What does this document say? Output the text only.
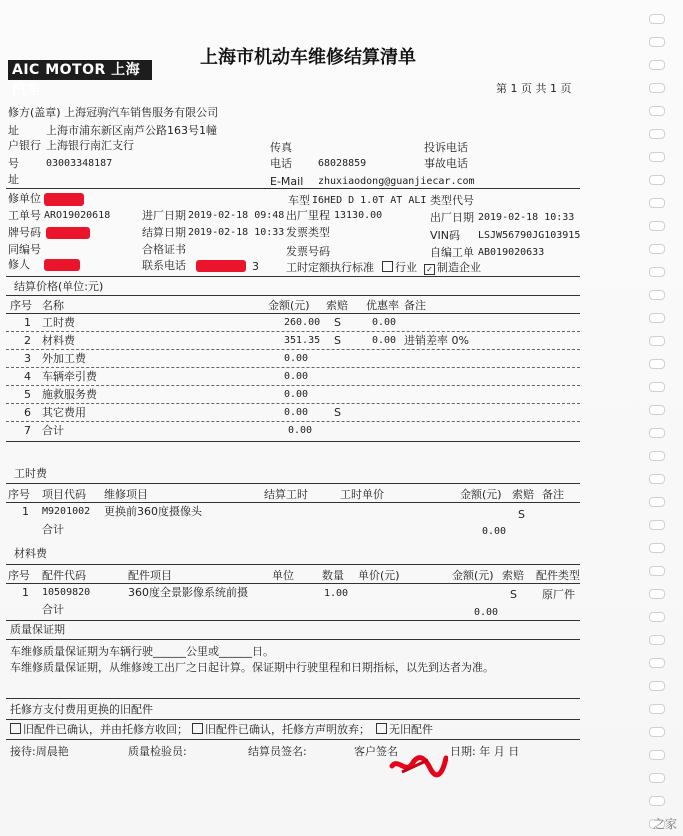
AIC MOTOR 上海汽车
上海市机动车维修结算清单
第 1 页 共 1 页
修方(盖章) 上海冠驹汽车销售服务有限公司
址 上海市浦东新区南芦公路163号1幢
户银行 上海银行南汇支行
号	03003348187
址
传真
电话	68028859
E-Mail zhuxiaodong@guanjiecar.com
投诉电话
事故电话
修单位	车型 I6HED D 1.0T AT ALI 类型代号
工单号 ARO19020618	进厂日期 2019-02-18 09:48 出厂里程 13130.00	出厂日期 2019-02-18 10:33
牌号码	结算日期 2019-02-18 10:33 发票类型	VIN码 LSJW56790JG103915
同编号	合格证书	发票号码	自编工单 AB019020633
修人	联系电话	3 工时定额执行标准	行业 ✓ 制造企业
结算价格(单位:元)
序号 名称	金额(元) 索赔 优惠率 备注
1 工时费	260.00 S	0.00
2 材料费	351.35 S	0.00 进销差率 0%
3 外加工费	0.00
4 车辆牵引费	0.00
5 施救服务费	0.00
6 其它费用	0.00 S
7 合计	0.00
工时费
序号 项目代码 维修项目	结算工时	工时单价	金额(元) 索赔 备注
1 M9201002 更换前360度摄像头	S
合计	0.00
材料费
序号 配件代码	配件项目	单位	数量 单价(元)	金额(元) 索赔 配件类型
1 10509820	360度全景影像系统前摄	1.00	S 原厂件
合计	0.00
质量保证期
车维修质量保证期为车辆行驶______公里或______日。
车维修质量保证期，从维修竣工出厂之日起计算。保证期中行驶里程和日期指标，以先到达者为准。
托修方支付费用更换的旧配件
旧配件已确认，并由托修方收回；	旧配件已确认，托修方声明放弃；	无旧配件
接待:周晨艳	质量检验员:	结算员签名:	客户签名	日期: 年 月 日
之家
